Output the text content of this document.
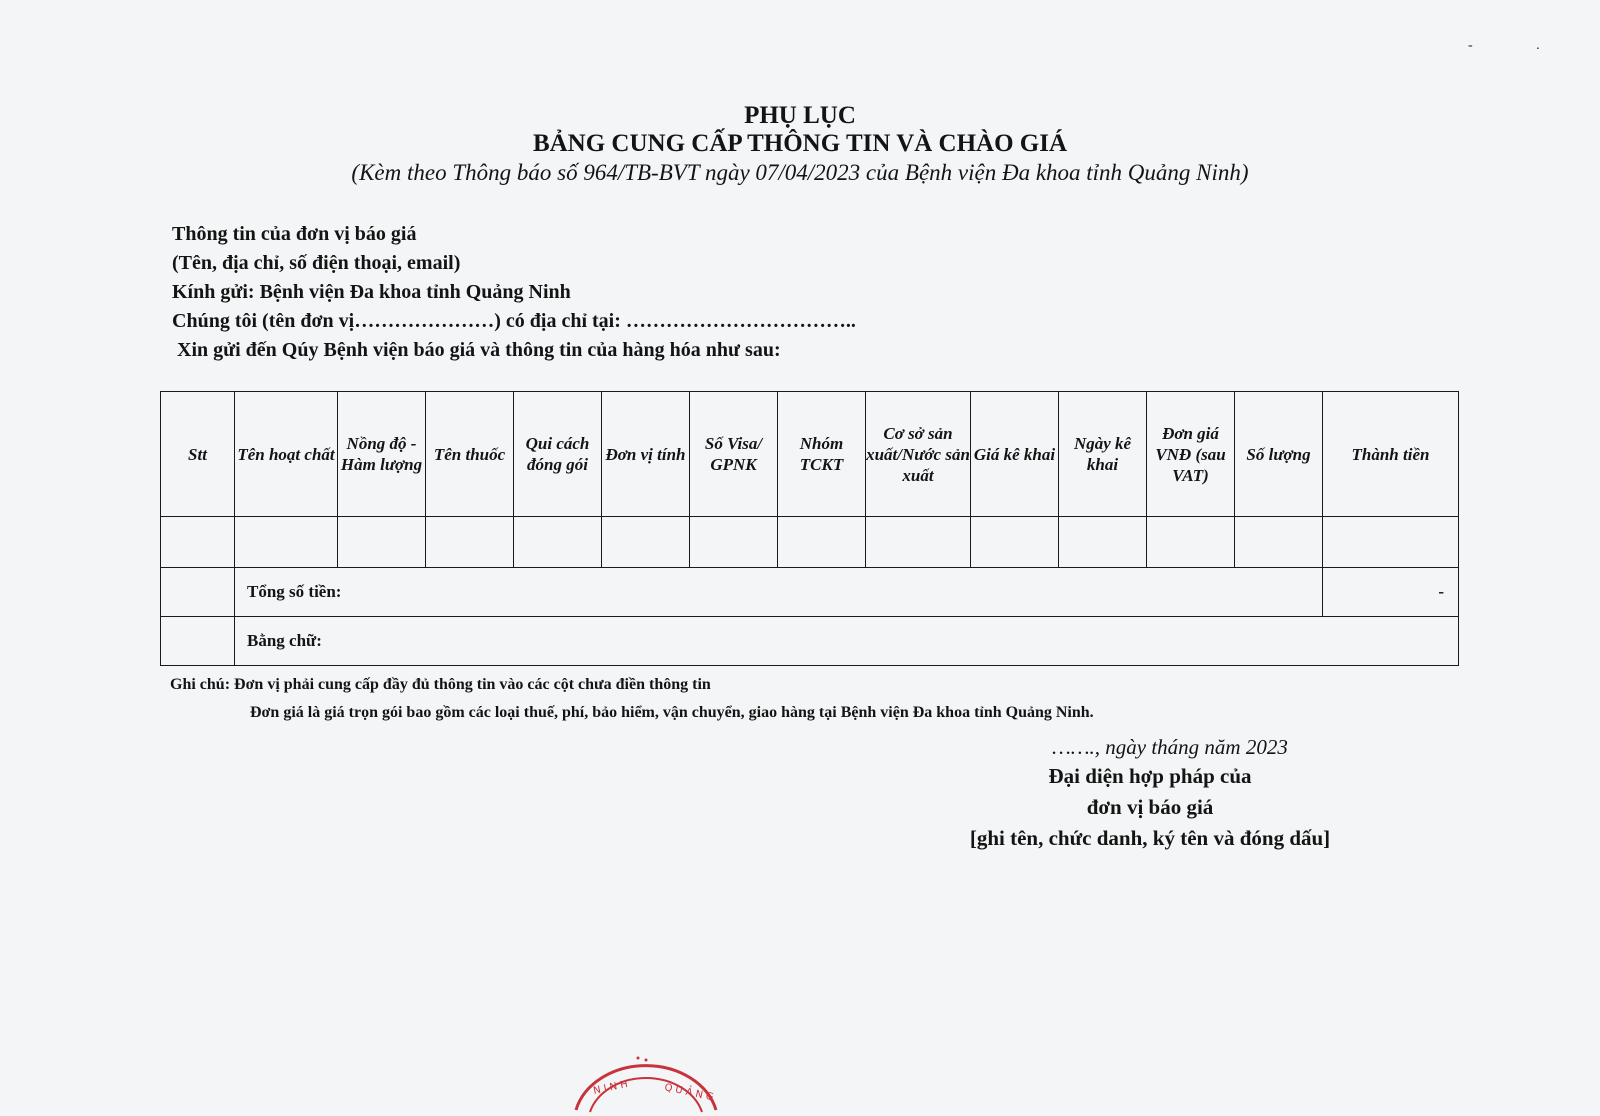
- .
PHỤ LỤC
BẢNG CUNG CẤP THÔNG TIN VÀ CHÀO GIÁ
(Kèm theo Thông báo số 964/TB-BVT ngày 07/04/2023 của Bệnh viện Đa khoa tỉnh Quảng Ninh)
Thông tin của đơn vị báo giá
(Tên, địa chỉ, số điện thoại, email)
Kính gửi: Bệnh viện Đa khoa tỉnh Quảng Ninh
Chúng tôi (tên đơn vị…………………) có địa chỉ tại: ……………………………..
Xin gửi đến Qúy Bệnh viện báo giá và thông tin của hàng hóa như sau:
Stt	Tên hoạt chất	Nồng độ - Hàm lượng	Tên thuốc	Qui cách đóng gói	Đơn vị tính	Số Visa/ GPNK	Nhóm TCKT	Cơ sở sản xuất/Nước sản xuất	Giá kê khai	Ngày kê khai	Đơn giá VNĐ (sau VAT)	Số lượng	Thành tiền

	Tổng số tiền:												-
	Bằng chữ:												
Ghi chú: Đơn vị phải cung cấp đầy đủ thông tin vào các cột chưa điền thông tin
Đơn giá là giá trọn gói bao gồm các loại thuế, phí, bảo hiểm, vận chuyển, giao hàng tại Bệnh viện Đa khoa tỉnh Quảng Ninh.
……., ngày tháng năm 2023
Đại diện hợp pháp của
đơn vị báo giá
[ghi tên, chức danh, ký tên và đóng dấu]
N I N H	Q U Ả N G
